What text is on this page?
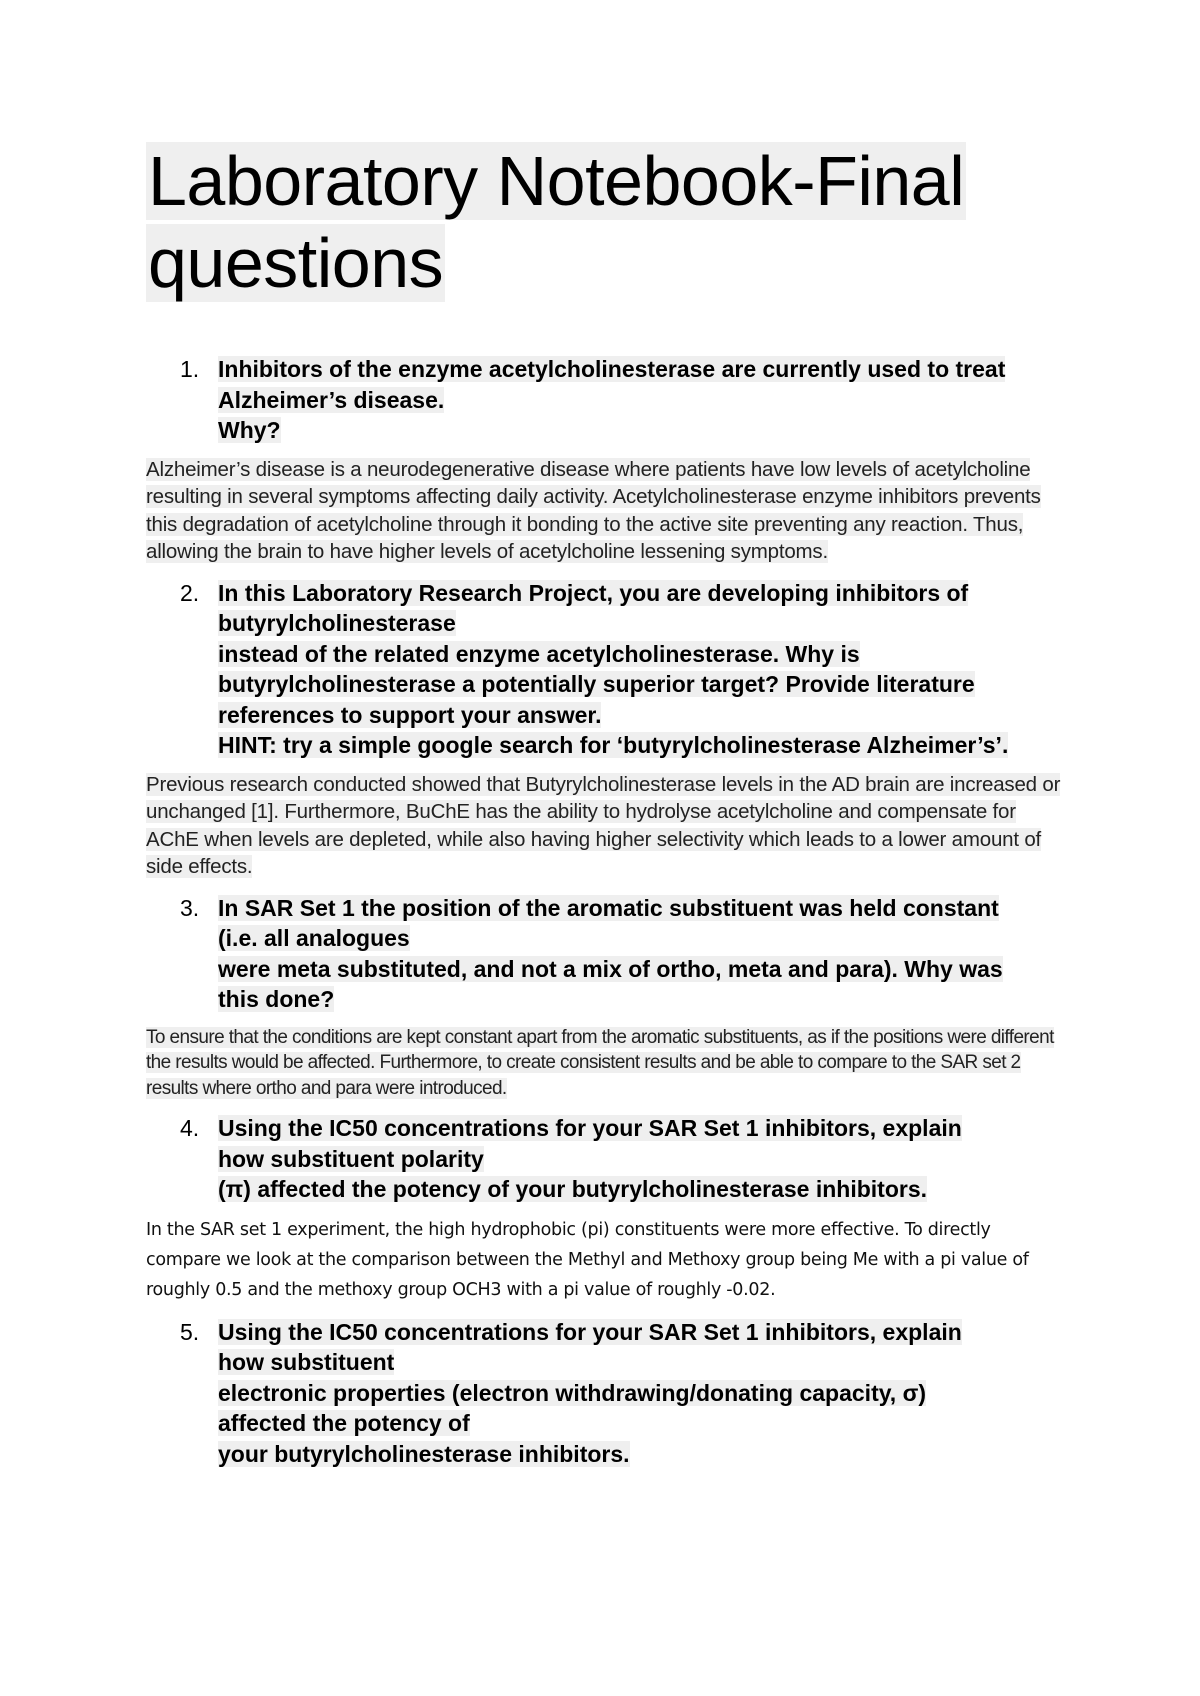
Laboratory Notebook-Final questions
1. Inhibitors of the enzyme acetylcholinesterase are currently used to treat
Alzheimer’s disease.
Why?

Alzheimer’s disease is a neurodegenerative disease where patients have low levels of acetylcholine resulting in several symptoms affecting daily activity. Acetylcholinesterase enzyme inhibitors prevents this degradation of acetylcholine through it bonding to the active site preventing any reaction. Thus, allowing the brain to have higher levels of acetylcholine lessening symptoms.

2. In this Laboratory Research Project, you are developing inhibitors of
butyrylcholinesterase
instead of the related enzyme acetylcholinesterase. Why is
butyrylcholinesterase a potentially superior target? Provide literature
references to support your answer.
HINT: try a simple google search for ‘butyrylcholinesterase Alzheimer’s’.

Previous research conducted showed that Butyrylcholinesterase levels in the AD brain are increased or unchanged [1]. Furthermore, BuChE has the ability to hydrolyse acetylcholine and compensate for AChE when levels are depleted, while also having higher selectivity which leads to a lower amount of side effects.

3. In SAR Set 1 the position of the aromatic substituent was held constant
(i.e. all analogues
were meta substituted, and not a mix of ortho, meta and para). Why was
this done?

To ensure that the conditions are kept constant apart from the aromatic substituents, as if the positions were different the results would be affected. Furthermore, to create consistent results and be able to compare to the SAR set 2 results where ortho and para were introduced.

4. Using the IC50 concentrations for your SAR Set 1 inhibitors, explain
how substituent polarity
(π) affected the potency of your butyrylcholinesterase inhibitors.

In the SAR set 1 experiment, the high hydrophobic (pi) constituents were more effective. To directly compare we look at the comparison between the Methyl and Methoxy group being Me with a pi value of roughly 0.5 and the methoxy group OCH3 with a pi value of roughly -0.02.

5. Using the IC50 concentrations for your SAR Set 1 inhibitors, explain
how substituent
electronic properties (electron withdrawing/donating capacity, σ)
affected the potency of
your butyrylcholinesterase inhibitors.
